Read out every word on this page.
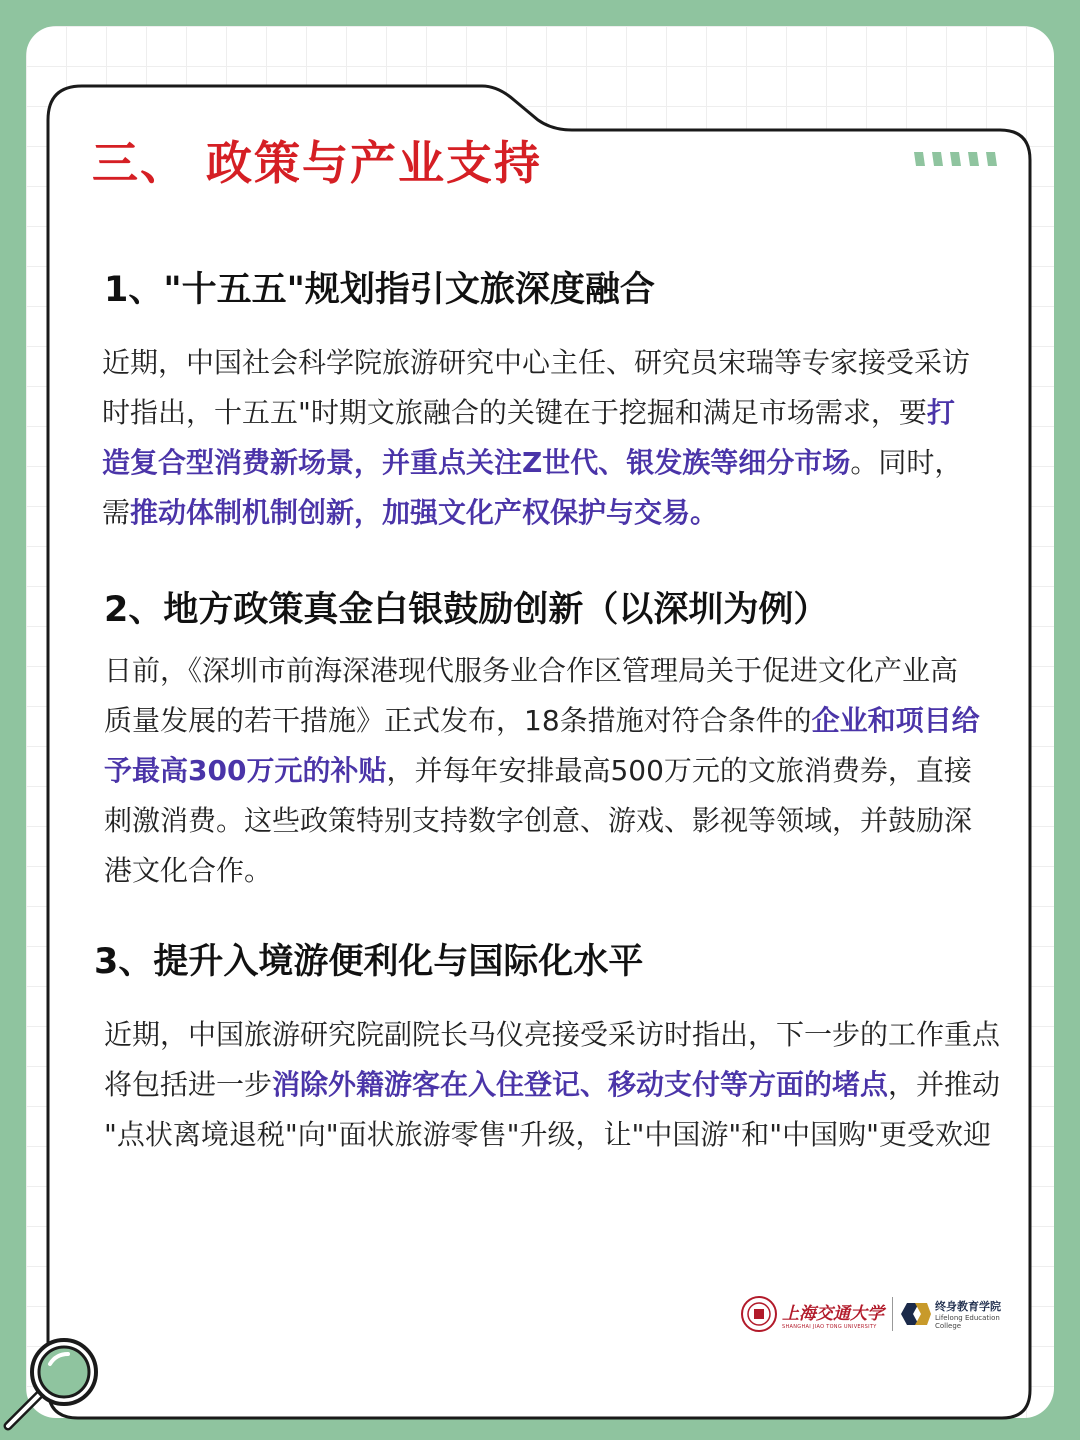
三、 政策与产业支持
1、"十五五"规划指引文旅深度融合

近期，中国社会科学院旅游研究中心主任、研究员宋瑞等专家接受采访时指出，十五五"时期文旅融合的关键在于挖掘和满足市场需求，要打造复合型消费新场景，并重点关注Z世代、银发族等细分市场。同时，需推动体制机制创新，加强文化产权保护与交易。

2、地方政策真金白银鼓励创新（以深圳为例）

日前，《深圳市前海深港现代服务业合作区管理局关于促进文化产业高质量发展的若干措施》正式发布，18条措施对符合条件的企业和项目给予最高300万元的补贴，并每年安排最高500万元的文旅消费券，直接刺激消费。这些政策特别支持数字创意、游戏、影视等领域，并鼓励深港文化合作。

3、提升入境游便利化与国际化水平

近期，中国旅游研究院副院长马仪亮接受采访时指出，下一步的工作重点将包括进一步消除外籍游客在入住登记、移动支付等方面的堵点，并推动 "点状离境退税"向"面状旅游零售"升级，让"中国游"和"中国购"更受欢迎

上海交通大学
SHANGHAI JIAO TONG UNIVERSITY
终身教育学院
Lifelong Education
College
